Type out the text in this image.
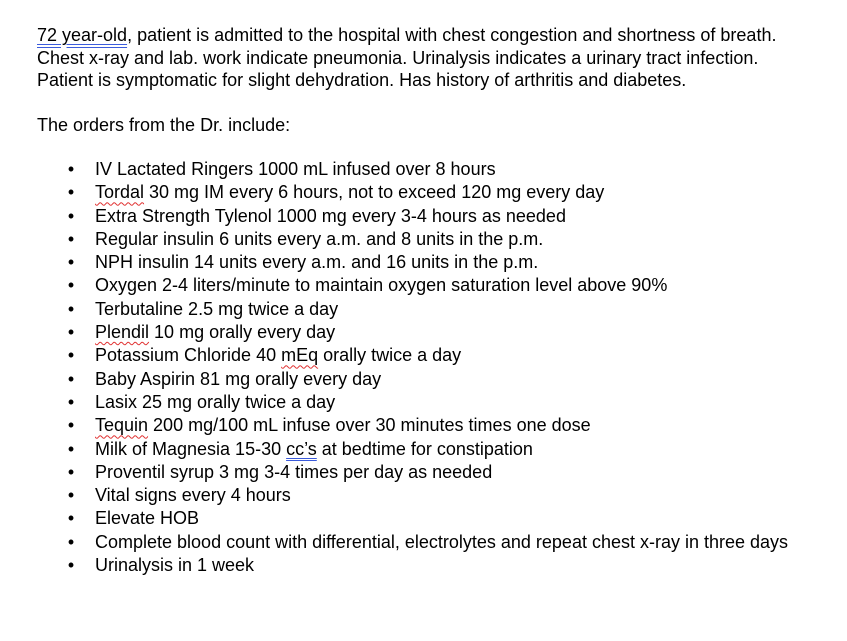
72 year-old, patient is admitted to the hospital with chest congestion and shortness of breath. Chest x-ray and lab. work indicate pneumonia. Urinalysis indicates a urinary tract infection. Patient is symptomatic for slight dehydration. Has history of arthritis and diabetes.

The orders from the Dr. include:

• IV Lactated Ringers 1000 mL infused over 8 hours
• Tordal 30 mg IM every 6 hours, not to exceed 120 mg every day
• Extra Strength Tylenol 1000 mg every 3-4 hours as needed
• Regular insulin 6 units every a.m. and 8 units in the p.m.
• NPH insulin 14 units every a.m. and 16 units in the p.m.
• Oxygen 2-4 liters/minute to maintain oxygen saturation level above 90%
• Terbutaline 2.5 mg twice a day
• Plendil 10 mg orally every day
• Potassium Chloride 40 mEq orally twice a day
• Baby Aspirin 81 mg orally every day
• Lasix 25 mg orally twice a day
• Tequin 200 mg/100 mL infuse over 30 minutes times one dose
• Milk of Magnesia 15-30 cc’s at bedtime for constipation
• Proventil syrup 3 mg 3-4 times per day as needed
• Vital signs every 4 hours
• Elevate HOB
• Complete blood count with differential, electrolytes and repeat chest x-ray in three days
• Urinalysis in 1 week
